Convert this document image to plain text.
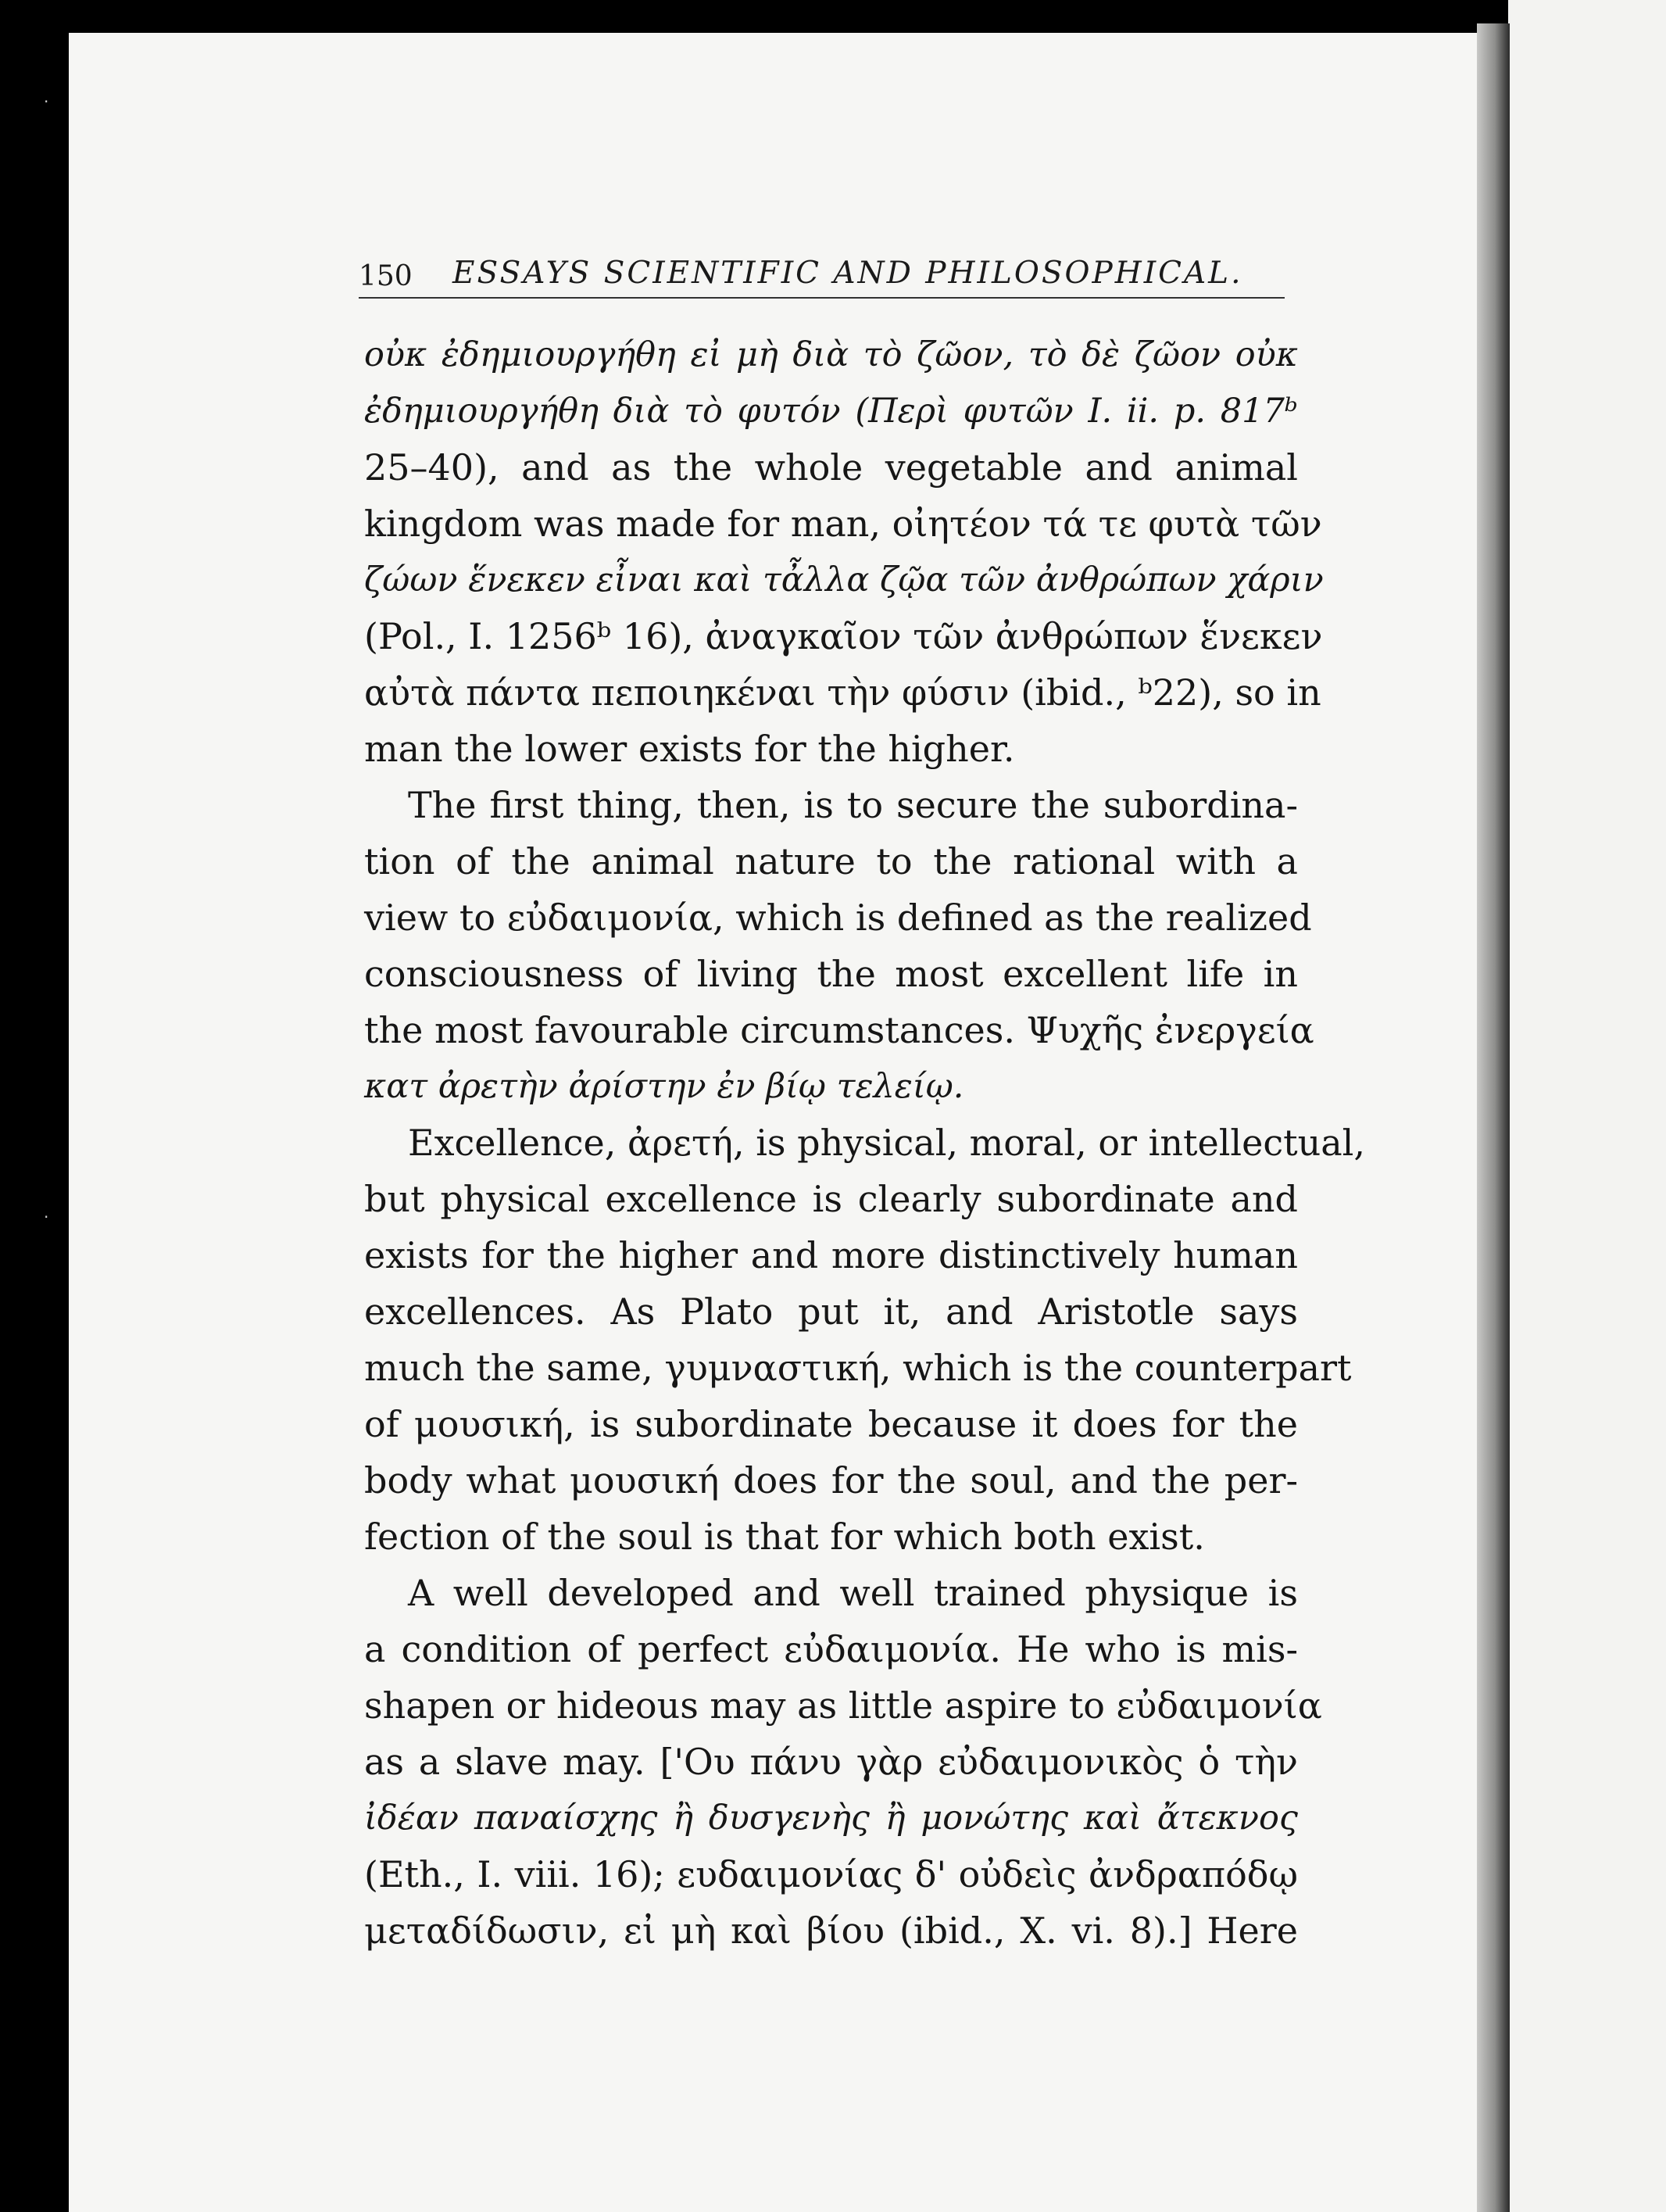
·
·
150 ESSAYS SCIENTIFIC AND PHILOSOPHICAL.
οὐκ ἐδημιουργήθη εἰ μὴ διὰ τὸ ζῶον, τὸ δὲ ζῶον οὐκ
ἐδημιουργήθη διὰ τὸ φυτόν (Περὶ φυτῶν I. ii. p. 817ᵇ
25–40), and as the whole vegetable and animal
kingdom was made for man, οἰητέον τά τε φυτὰ τῶν
ζώων ἕνεκεν εἶναι καὶ τἆλλα ζῷα τῶν ἀνθρώπων χάριν
(Pol., I. 1256ᵇ 16), ἀναγκαῖον τῶν ἀνθρώπων ἕνεκεν
αὐτὰ πάντα πεποιηκέναι τὴν φύσιν (ibid., ᵇ22), so in
man the lower exists for the higher.
The first thing, then, is to secure the subordina-
tion of the animal nature to the rational with a
view to εὐδαιμονία, which is defined as the realized
consciousness of living the most excellent life in
the most favourable circumstances. Ψυχῆς ἐνεργεία
κατ ἀρετὴν ἀρίστην ἐν βίῳ τελείῳ.
Excellence, ἀρετή, is physical, moral, or intellectual,
but physical excellence is clearly subordinate and
exists for the higher and more distinctively human
excellences. As Plato put it, and Aristotle says
much the same, γυμναστική, which is the counterpart
of μουσική, is subordinate because it does for the
body what μουσική does for the soul, and the per-
fection of the soul is that for which both exist.
A well developed and well trained physique is
a condition of perfect εὐδαιμονία. He who is mis-
shapen or hideous may as little aspire to εὐδαιμονία
as a slave may. ['Ου πάνυ γὰρ εὐδαιμονικὸς ὁ τὴν
ἰδέαν παναίσχης ἢ δυσγενὴς ἢ μονώτης καὶ ἄτεκνος
(Eth., I. viii. 16); ευδαιμονίας δ' οὐδεὶς ἀνδραπόδῳ
μεταδίδωσιν, εἰ μὴ καὶ βίου (ibid., X. vi. 8).] Here
